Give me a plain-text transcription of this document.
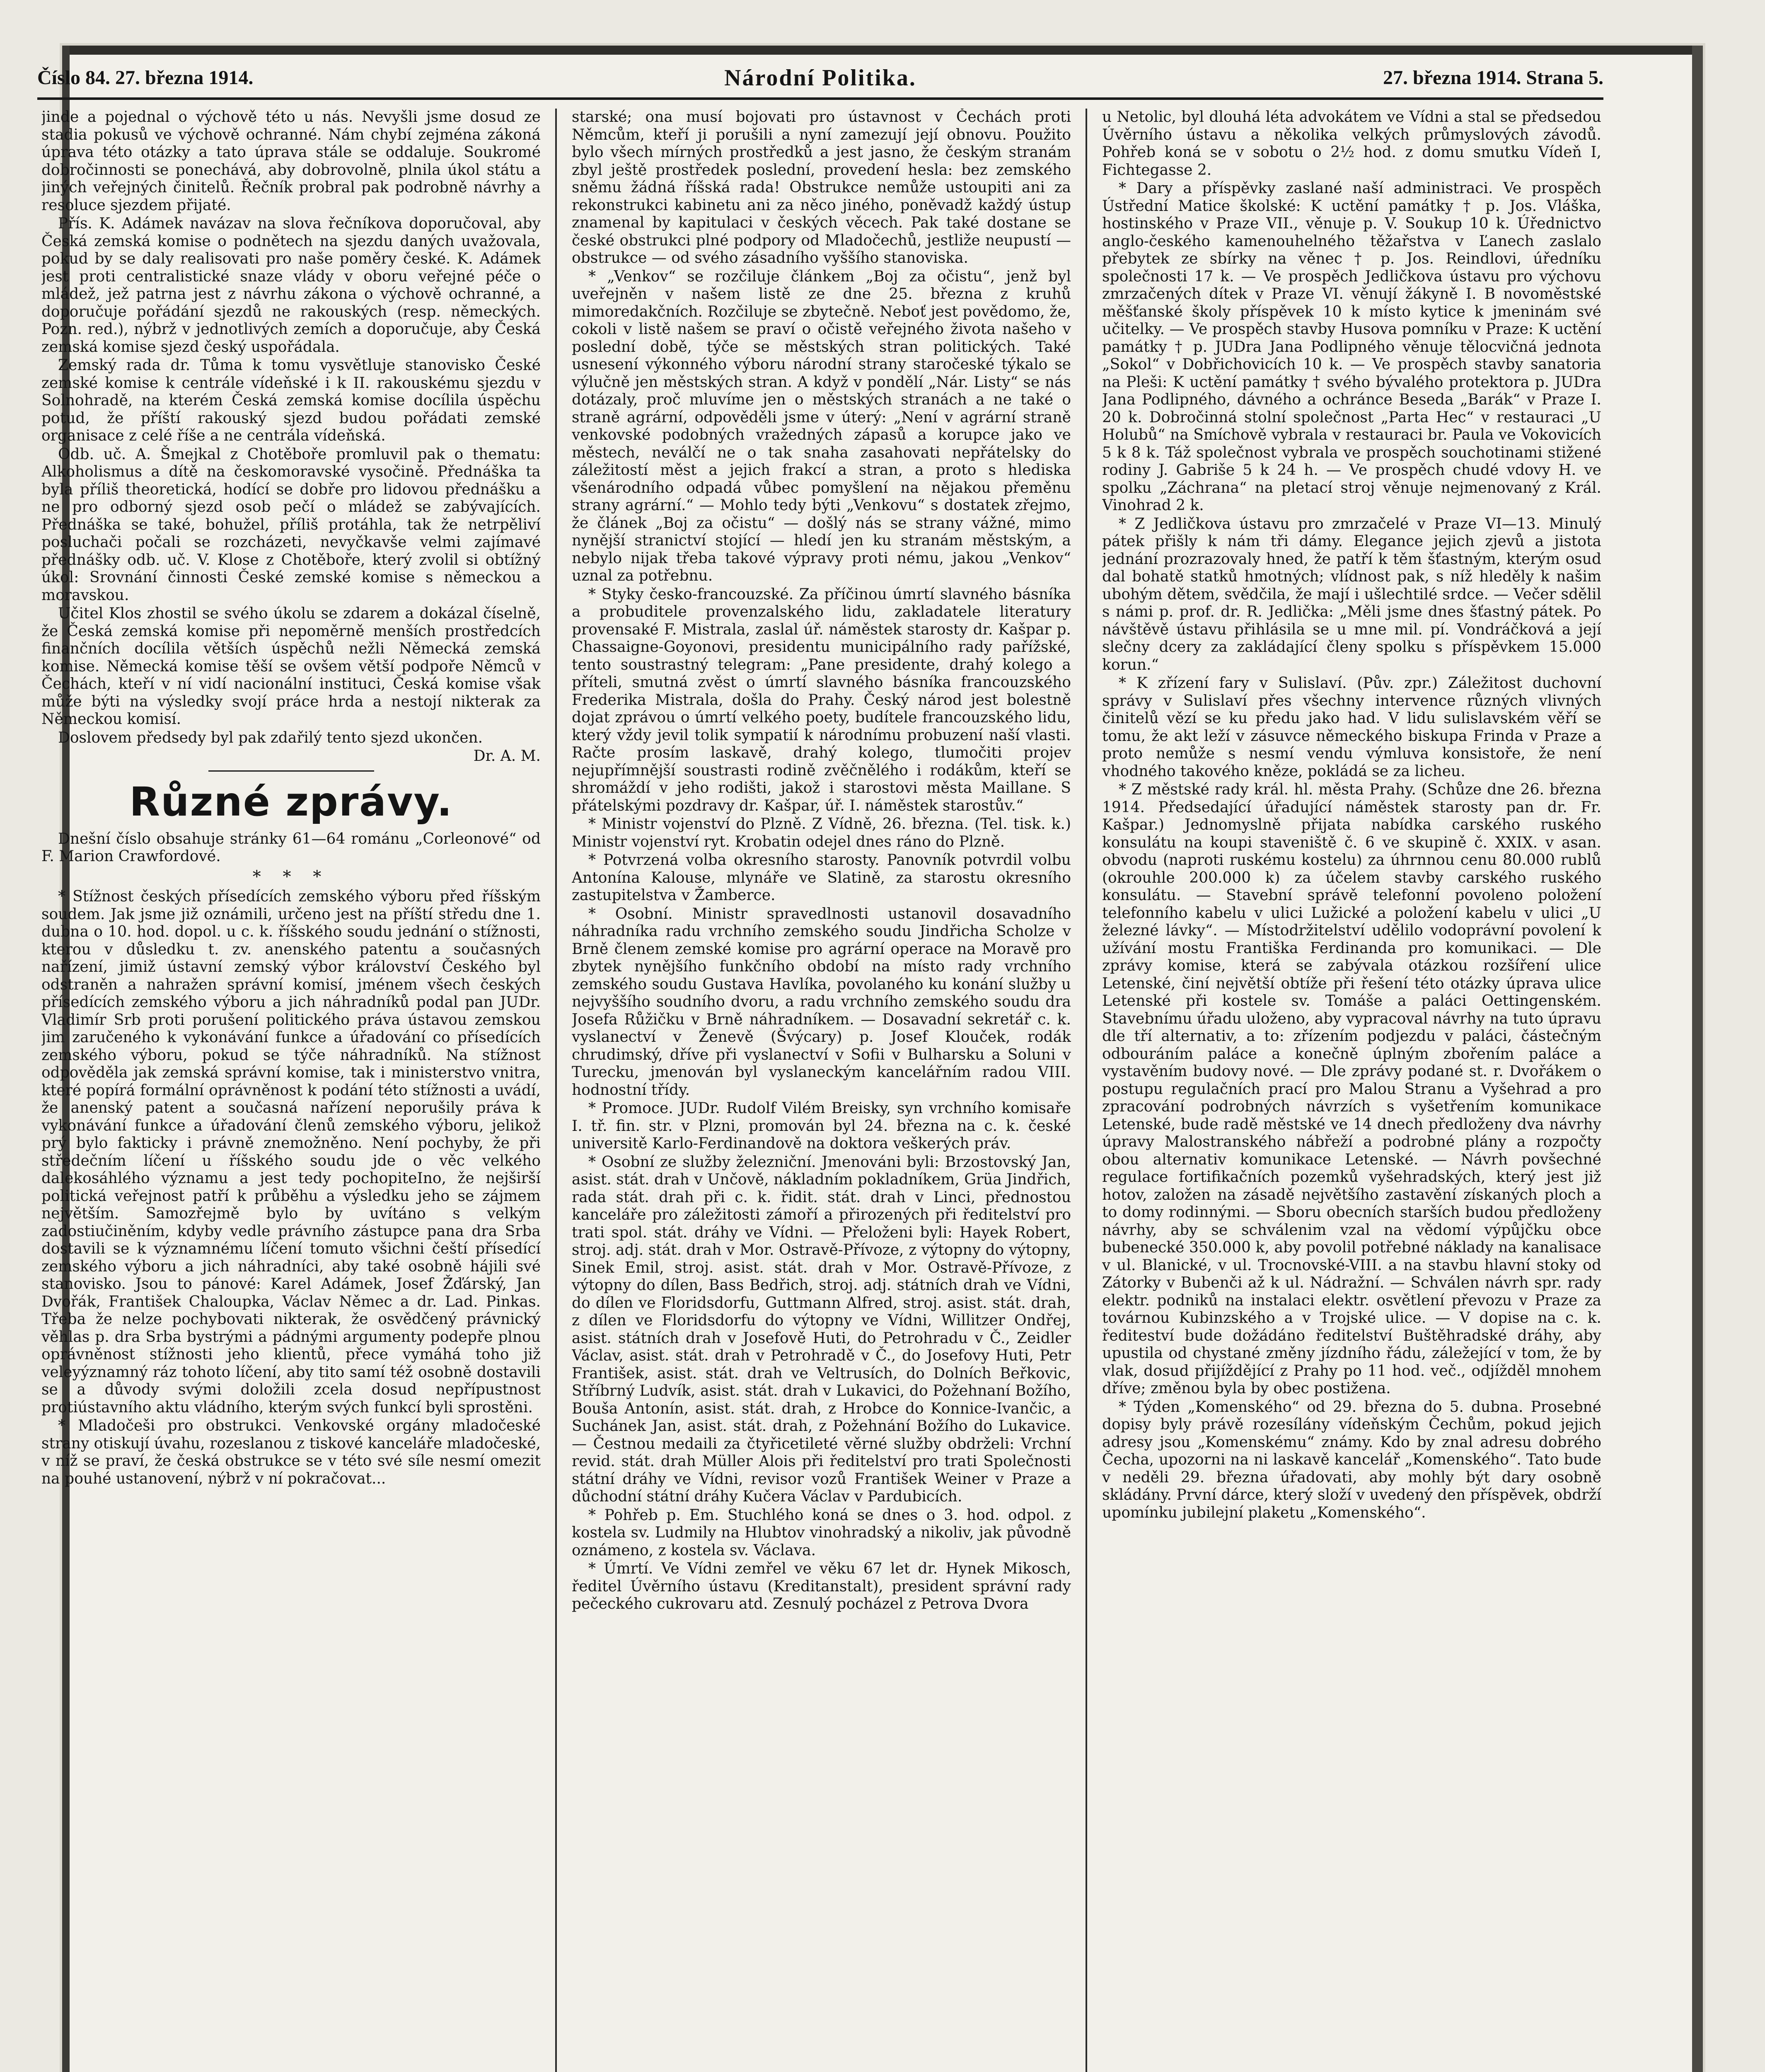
Číslo 84. 27. března 1914.	Národní Politika.	27. března 1914. Strana 5.

jinde a pojednal o výchově této u nás. Nevyšli jsme dosud ze stadia pokusů ve výchově ochranné. Nám chybí zejména zákoná úprava této otázky a tato úprava stále se oddaluje. Soukromé dobročinnosti se ponechává, aby dobrovolně, plnila úkol státu a jiných veřejných činitelů. Řečník probral pak podrobně návrhy a resoluce sjezdem přijaté.

Přís. K. Adámek navázav na slova řečníkova doporučoval, aby Česká zemská komise o podnětech na sjezdu daných uvažovala, pokud by se daly realisovati pro naše poměry české. K. Adámek jest proti centralistické snaze vlády v oboru veřejné péče o mládež, jež patrna jest z návrhu zákona o výchově ochranné, a doporučuje pořádání sjezdů ne rakouských (resp. německých. Pozn. red.), nýbrž v jednotlivých zemích a doporučuje, aby Česká zemská komise sjezd český uspořádala.

Zemský rada dr. Tůma k tomu vysvětluje stanovisko České zemské komise k centrále vídeňské i k II. rakouskému sjezdu v Solnohradě, na kterém Česká zemská komise docílila úspěchu potud, že příští rakouský sjezd budou pořádati zemské organisace z celé říše a ne centrála vídeňská.

Odb. uč. A. Šmejkal z Chotěboře promluvil pak o thematu: Alkoholismus a dítě na českomoravské vysočině. Přednáška ta byla příliš theoretická, hodící se dobře pro lidovou přednášku a ne pro odborný sjezd osob pečí o mládež se zabývajících. Přednáška se také, bohužel, příliš protáhla, tak že netrpěliví posluchači počali se rozcházeti, nevyčkavše velmi zajímavé přednášky odb. uč. V. Klose z Chotěboře, který zvolil si obtížný úkol: Srovnání činnosti České zemské komise s německou a moravskou.

Učitel Klos zhostil se svého úkolu se zdarem a dokázal číselně, že Česká zemská komise při nepoměrně menších prostředcích finančních docílila větších úspěchů nežli Německá zemská komise. Německá komise těší se ovšem větší podpoře Němců v Čechách, kteří v ní vidí nacionální instituci, Česká komise však může býti na výsledky svojí práce hrda a nestojí nikterak za Německou komisí.

Doslovem předsedy byl pak zdařilý tento sjezd ukončen.

Dr. A. M.
Různé zprávy.

Dnešní číslo obsahuje stránky 61—64 románu „Corleonové“ od F. Marion Crawfordové.

* * *

* Stížnost českých přísedících zemského výboru před říšským soudem. Jak jsme již oznámili, určeno jest na příští středu dne 1. dubna o 10. hod. dopol. u c. k. říšského soudu jednání o stížnosti, kterou v důsledku t. zv. anenského patentu a současných nařízení, jimiž ústavní zemský výbor království Českého byl odstraněn a nahražen správní komisí, jménem všech českých přísedících zemského výboru a jich náhradníků podal pan JUDr. Vladimír Srb proti porušení politického práva ústavou zemskou jim zaručeného k vykonávání funkce a úřadování co přísedících zemského výboru, pokud se týče náhradníků. Na stížnost odpověděla jak zemská správní komise, tak i ministerstvo vnitra, které popírá formální oprávněnost k podání této stížnosti a uvádí, že anenský patent a současná nařízení neporušily práva k vykonávání funkce a úřadování členů zemského výboru, jelikož prý bylo fakticky i právně znemožněno. Není pochyby, že při středečním líčení u říšského soudu jde o věc velkého dalekosáhlého významu a jest tedy pochopiteIno, že nejširší politická veřejnost patří k průběhu a výsledku jeho se zájmem největším. Samozřejmě bylo by uvítáno s velkým zadostiučiněním, kdyby vedle právního zástupce pana dra Srba dostavili se k významnému líčení tomuto všichni čeští přísedící zemského výboru a jich náhradníci, aby také osobně hájili své stanovisko. Jsou to pánové: Karel Adámek, Josef Žďárský, Jan Dvořák, František Chaloupka, Václav Němec a dr. Lad. Pinkas. Třeba že nelze pochybovati nikterak, že osvědčený právnický věhlas p. dra Srba bystrými a pádnými argumenty podepře plnou oprávněnost stížnosti jeho klientů, přece vymáhá toho již veleyýznamný ráz tohoto líčení, aby tito samí též osobně dostavili se a důvody svými doložili zcela dosud nepřípustnost protiústavního aktu vládního, kterým svých funkcí byli sprostěni.

* Mladočeši pro obstrukci. Venkovské orgány mladočeské strany otiskují úvahu, rozeslanou z tiskové kanceláře mladočeské, v níž se praví, že česká obstrukce se v této své síle nesmí omezit na pouhé ustanovení, nýbrž v ní pokračovat...

starské; ona musí bojovati pro ústavnost v Čechách proti Němcům, kteří ji porušili a nyní zamezují její obnovu. Použito bylo všech mírných prostředků a jest jasno, že českým stranám zbyl ještě prostředek poslední, provedení hesla: bez zemského sněmu žádná říšská rada! Obstrukce nemůže ustoupiti ani za rekonstrukci kabinetu ani za něco jiného, poněvadž každý ústup znamenal by kapitulaci v českých věcech. Pak také dostane se české obstrukci plné podpory od Mladočechů, jestliže neupustí — obstrukce — od svého zásadního vyššího stanoviska.

* „Venkov“ se rozčiluje článkem „Boj za očistu“, jenž byl uveřejněn v našem listě ze dne 25. března z kruhů mimoredakčních. Rozčiluje se zbytečně. Neboť jest povědomo, že, cokoli v listě našem se praví o očistě veřejného života našeho v poslední době, týče se městských stran politických. Také usnesení výkonného výboru národní strany staročeské týkalo se výlučně jen městských stran. A když v pondělí „Nár. Listy“ se nás dotázaly, proč mluvíme jen o městských stranách a ne také o straně agrární, odpověděli jsme v úterý: „Není v agrární straně venkovské podobných vražedných zápasů a korupce jako ve městech, neválčí ne o tak snaha zasahovati nepřátelsky do záležitostí měst a jejich frakcí a stran, a proto s hlediska všenárodního odpadá vůbec pomyšlení na nějakou přeměnu strany agrární.“ — Mohlo tedy býti „Venkovu“ s dostatek zřejmo, že článek „Boj za očistu“ — došlý nás se strany vážné, mimo nynější stranictví stojící — hledí jen ku stranám městským, a nebylo nijak třeba takové výpravy proti nému, jakou „Venkov“ uznal za potřebnu.

* Styky česko-francouzské. Za příčinou úmrtí slavného básníka a probuditele provenzalského lidu, zakladatele literatury provensaké F. Mistrala, zaslal úř. náměstek starosty dr. Kašpar p. Chassaigne-Goyonovi, presidentu municipálního rady pařížské, tento soustrastný telegram: „Pane presidente, drahý kolego a příteli, smutná zvěst o úmrtí slavného básníka francouzského Frederika Mistrala, došla do Prahy. Český národ jest bolestně dojat zprávou o úmrtí velkého poety, budítele francouzského lidu, který vždy jevil tolik sympatií k národnímu probuzení naší vlasti. Račte prosím laskavě, drahý kolego, tlumočiti projev nejupřímnější soustrasti rodině zvěčnělého i rodákům, kteří se shromáždí v jeho rodišti, jakož i starostovi města Maillane. S přátelskými pozdravy dr. Kašpar, úř. I. náměstek starostův.“

* Ministr vojenství do Plzně. Z Vídně, 26. března. (Tel. tisk. k.) Ministr vojenství ryt. Krobatin odejel dnes ráno do Plzně.

* Potvrzená volba okresního starosty. Panovník potvrdil volbu Antonína Kalouse, mlynáře ve Slatině, za starostu okresního zastupitelstva v Žamberce.

* Osobní. Ministr spravedlnosti ustanovil dosavadního náhradníka radu vrchního zemského soudu Jindřicha Scholze v Brně členem zemské komise pro agrární operace na Moravě pro zbytek nynějšího funkčního období na místo rady vrchního zemského soudu Gustava Havlíka, povolaného ku konání služby u nejvyššího soudního dvoru, a radu vrchního zemského soudu dra Josefa Růžičku v Brně náhradníkem. — Dosavadní sekretář c. k. vyslanectví v Ženevě (Švýcary) p. Josef Klouček, rodák chrudimský, dříve při vyslanectví v Sofii v Bulharsku a Soluni v Turecku, jmenován byl vyslaneckým kancelářním radou VIII. hodnostní třídy.

* Promoce. JUDr. Rudolf Vilém Breisky, syn vrchního komisaře I. tř. fin. str. v Plzni, promován byl 24. března na c. k. české universitě Karlo-Ferdinandově na doktora veškerých práv.

* Osobní ze služby železniční. Jmenováni byli: Brzostovský Jan, asist. stát. drah v Unčově, nákladním pokladníkem, Grüa Jindřich, rada stát. drah při c. k. řidit. stát. drah v Linci, přednostou kanceláře pro záležitosti zámoří a přirozených při ředitelství pro trati spol. stát. dráhy ve Vídni. — Přeloženi byli: Hayek Robert, stroj. adj. stát. drah v Mor. Ostravě-Přívoze, z výtopny do výtopny, Sinek Emil, stroj. asist. stát. drah v Mor. Ostravě-Přívoze, z výtopny do dílen, Bass Bedřich, stroj. adj. státních drah ve Vídni, do dílen ve Floridsdorfu, Guttmann Alfred, stroj. asist. stát. drah, z dílen ve Floridsdorfu do výtopny ve Vídni, Willitzer Ondřej, asist. státních drah v Josefově Huti, do Petrohradu v Č., Zeidler Václav, asist. stát. drah v Petrohradě v Č., do Josefovy Huti, Petr František, asist. stát. drah ve Veltrusích, do Dolních Beřkovic, Stříbrný Ludvík, asist. stát. drah v Lukavici, do Požehnaní Božího, Bouša Antonín, asist. stát. drah, z Hrobce do Konnice-Ivančic, a Suchánek Jan, asist. stát. drah, z Požehnání Božího do Lukavice. — Čestnou medaili za čtyřicetileté věrné služby obdrželi: Vrchní revid. stát. drah Müller Alois při ředitelství pro trati Společnosti státní dráhy ve Vídni, revisor vozů František Weiner v Praze a důchodní státní dráhy Kučera Václav v Pardubicích.

* Pohřeb p. Em. Stuchlého koná se dnes o 3. hod. odpol. z kostela sv. Ludmily na Hlubtov vinohradský a nikoliv, jak původně oznámeno, z kostela sv. Václava.

* Úmrtí. Ve Vídni zemřel ve věku 67 let dr. Hynek Mikosch, ředitel Úvěrního ústavu (Kreditanstalt), president správní rady pečeckého cukrovaru atd. Zesnulý pocházel z Petrova Dvora

u Netolic, byl dlouhá léta advokátem ve Vídni a stal se předsedou Úvěrního ústavu a několika velkých průmyslových závodů. Pohřeb koná se v sobotu o 2½ hod. z domu smutku Vídeň I, Fichtegasse 2.

* Dary a příspěvky zaslané naší administraci. Ve prospěch Ústřední Matice školské: K uctění památky † p. Jos. Vláška, hostinského v Praze VII., věnuje p. V. Soukup 10 k. Úřednictvo anglo-českého kamenouhelného těžařstva v Ľanech zaslalo přebytek ze sbírky na věnec † p. Jos. Reindlovi, úředníku společnosti 17 k. — Ve prospěch Jedličkova ústavu pro výchovu zmrzačených dítek v Praze VI. věnují žákyně I. B novoměstské měšťanské školy příspěvek 10 k místo kytice k jmeninám své učitelky. — Ve prospěch stavby Husova pomníku v Praze: K uctění památky † p. JUDra Jana Podlipného věnuje tělocvičná jednota „Sokol“ v Dobřichovicích 10 k. — Ve prospěch stavby sanatoria na Pleši: K uctění památky † svého bývalého protektora p. JUDra Jana Podlipného, dávného a ochránce Beseda „Barák“ v Praze I. 20 k. Dobročinná stolní společnost „Parta Hec“ v restauraci „U Holubů“ na Smíchově vybrala v restauraci br. Paula ve Vokovicích 5 k 8 k. Táž společnost vybrala ve prospěch souchotinami stižené rodiny J. Gabriše 5 k 24 h. — Ve prospěch chudé vdovy H. ve spolku „Záchrana“ na pletací stroj věnuje nejmenovaný z Král. Vinohrad 2 k.

* Z Jedličkova ústavu pro zmrzačelé v Praze VI—13. Minulý pátek přišly k nám tři dámy. Elegance jejich zjevů a jistota jednání prozrazovaly hned, že patří k těm šťastným, kterým osud dal bohatě statků hmotných; vlídnost pak, s níž hleděly k našim ubohým dětem, svědčila, že mají i ušlechtilé srdce. — Večer sdělil s námi p. prof. dr. R. Jedlička: „Měli jsme dnes šťastný pátek. Po návštěvě ústavu přihlásila se u mne mil. pí. Vondráčková a její slečny dcery za zakládající členy spolku s příspěvkem 15.000 korun.“

* K zřízení fary v Sulislaví. (Pův. zpr.) Záležitost duchovní správy v Sulislaví přes všechny intervence různých vlivných činitelů vězí se ku předu jako had. V lidu sulislavském věří se tomu, že akt leží v zásuvce německého biskupa Frinda v Praze a proto nemůže s nesmí vendu výmluva konsistoře, že není vhodného takového kněze, pokládá se za licheu.

* Z městské rady král. hl. města Prahy. (Schůze dne 26. března 1914. Předsedající úřadující náměstek starosty pan dr. Fr. Kašpar.) Jednomyslně přijata nabídka carského ruského konsulátu na koupi staveniště č. 6 ve skupině č. XXIX. v asan. obvodu (naproti ruskému kostelu) za úhrnnou cenu 80.000 rublů (okrouhle 200.000 k) za účelem stavby carského ruského konsulátu. — Stavební správě telefonní povoleno položení telefonního kabelu v ulici Lužické a položení kabelu v ulici „U železné lávky“. — Místodržitelství udělilo vodoprávní povolení k užívání mostu Františka Ferdinanda pro komunikaci. — Dle zprávy komise, která se zabývala otázkou rozšíření ulice Letenské, činí největší obtíže při řešení této otázky úprava ulice Letenské při kostele sv. Tomáše a paláci Oettingenském. Stavebnímu úřadu uloženo, aby vypracoval návrhy na tuto úpravu dle tří alternativ, a to: zřízením podjezdu v paláci, částečným odbouráním paláce a konečně úplným zbořením paláce a vystavěním budovy nové. — Dle zprávy podané st. r. Dvořákem o postupu regulačních prací pro Malou Stranu a Vyšehrad a pro zpracování podrobných návrzích s vyšetřením komunikace Letenské, bude radě městské ve 14 dnech předloženy dva návrhy úpravy Malostranského nábřeží a podrobné plány a rozpočty obou alternativ komunikace Letenské. — Návrh povšechné regulace fortifikačních pozemků vyšehradských, který jest již hotov, založen na zásadě největšího zastavění získaných ploch a to domy rodinnými. — Sboru obecních starších budou předloženy návrhy, aby se schválenim vzal na vědomí výpůjčku obce bubenecké 350.000 k, aby povolil potřebné náklady na kanalisace v ul. Blanické, v ul. Trocnovské-VIII. a na stavbu hlavní stoky od Zátorky v Bubenči až k ul. Nádražní. — Schválen návrh spr. rady elektr. podniků na instalaci elektr. osvětlení převozu v Praze za továrnou Kubinzského a v Trojské ulice. — V dopise na c. k. řediteství bude dožádáno ředitelství Buštěhradské dráhy, aby upustila od chystané změny jízdního řádu, záležející v tom, že by vlak, dosud přijíždějící z Prahy po 11 hod. več., odjížděl mnohem dříve; změnou byla by obec postižena.

* Týden „Komenského“ od 29. března do 5. dubna. Prosebné dopisy byly právě rozesílány vídeňským Čechům, pokud jejich adresy jsou „Komenskému“ známy. Kdo by znal adresu dobrého Čecha, upozorni na ni laskavě kancelář „Komenského“. Tato bude v neděli 29. března úřadovati, aby mohly být dary osobně skládány. První dárce, který složí v uvedený den příspěvek, obdrží upomínku jubilejní plaketu „Komenského“.
